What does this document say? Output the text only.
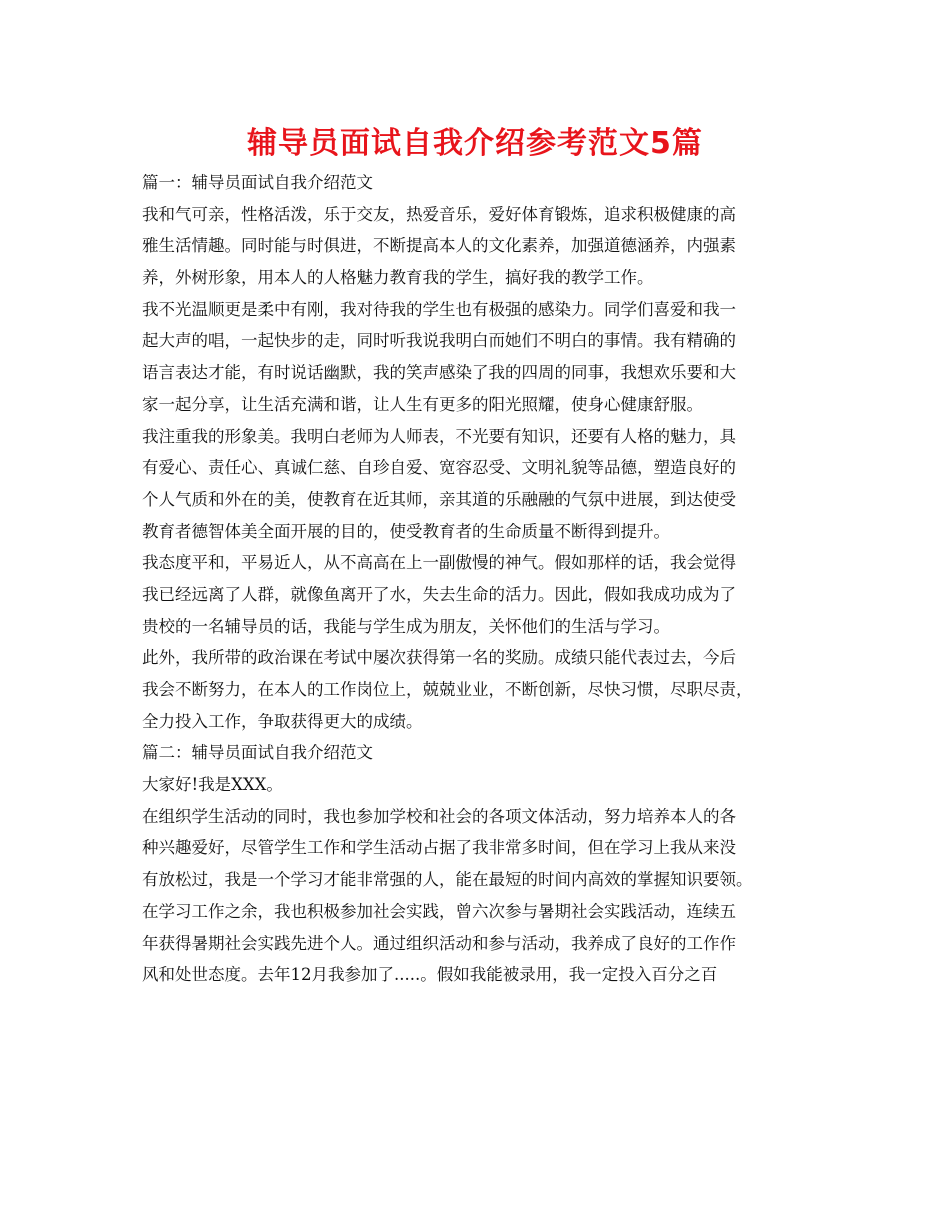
辅导员面试自我介绍参考范文5篇

篇一：辅导员面试自我介绍范文

我和气可亲，性格活泼，乐于交友，热爱音乐，爱好体育锻炼，追求积极健康的高

雅生活情趣。同时能与时俱进，不断提高本人的文化素养，加强道德涵养，内强素

养，外树形象，用本人的人格魅力教育我的学生，搞好我的教学工作。

我不光温顺更是柔中有刚，我对待我的学生也有极强的感染力。同学们喜爱和我一

起大声的唱，一起快步的走，同时听我说我明白而她们不明白的事情。我有精确的

语言表达才能，有时说话幽默，我的笑声感染了我的四周的同事，我想欢乐要和大

家一起分享，让生活充满和谐，让人生有更多的阳光照耀，使身心健康舒服。

我注重我的形象美。我明白老师为人师表，不光要有知识，还要有人格的魅力，具

有爱心、责任心、真诚仁慈、自珍自爱、宽容忍受、文明礼貌等品德，塑造良好的

个人气质和外在的美，使教育在近其师，亲其道的乐融融的气氛中进展，到达使受

教育者德智体美全面开展的目的，使受教育者的生命质量不断得到提升。

我态度平和，平易近人，从不高高在上一副傲慢的神气。假如那样的话，我会觉得

我已经远离了人群，就像鱼离开了水，失去生命的活力。因此，假如我成功成为了

贵校的一名辅导员的话，我能与学生成为朋友，关怀他们的生活与学习。

此外，我所带的政治课在考试中屡次获得第一名的奖励。成绩只能代表过去，今后

我会不断努力，在本人的工作岗位上，兢兢业业，不断创新，尽快习惯，尽职尽责，

全力投入工作，争取获得更大的成绩。

篇二：辅导员面试自我介绍范文

大家好!我是XXX。

在组织学生活动的同时，我也参加学校和社会的各项文体活动，努力培养本人的各

种兴趣爱好，尽管学生工作和学生活动占据了我非常多时间，但在学习上我从来没

有放松过，我是一个学习才能非常强的人，能在最短的时间内高效的掌握知识要领。

在学习工作之余，我也积极参加社会实践，曾六次参与暑期社会实践活动，连续五

年获得暑期社会实践先进个人。通过组织活动和参与活动，我养成了良好的工作作

风和处世态度。去年12月我参加了.....。假如我能被录用，我一定投入百分之百
